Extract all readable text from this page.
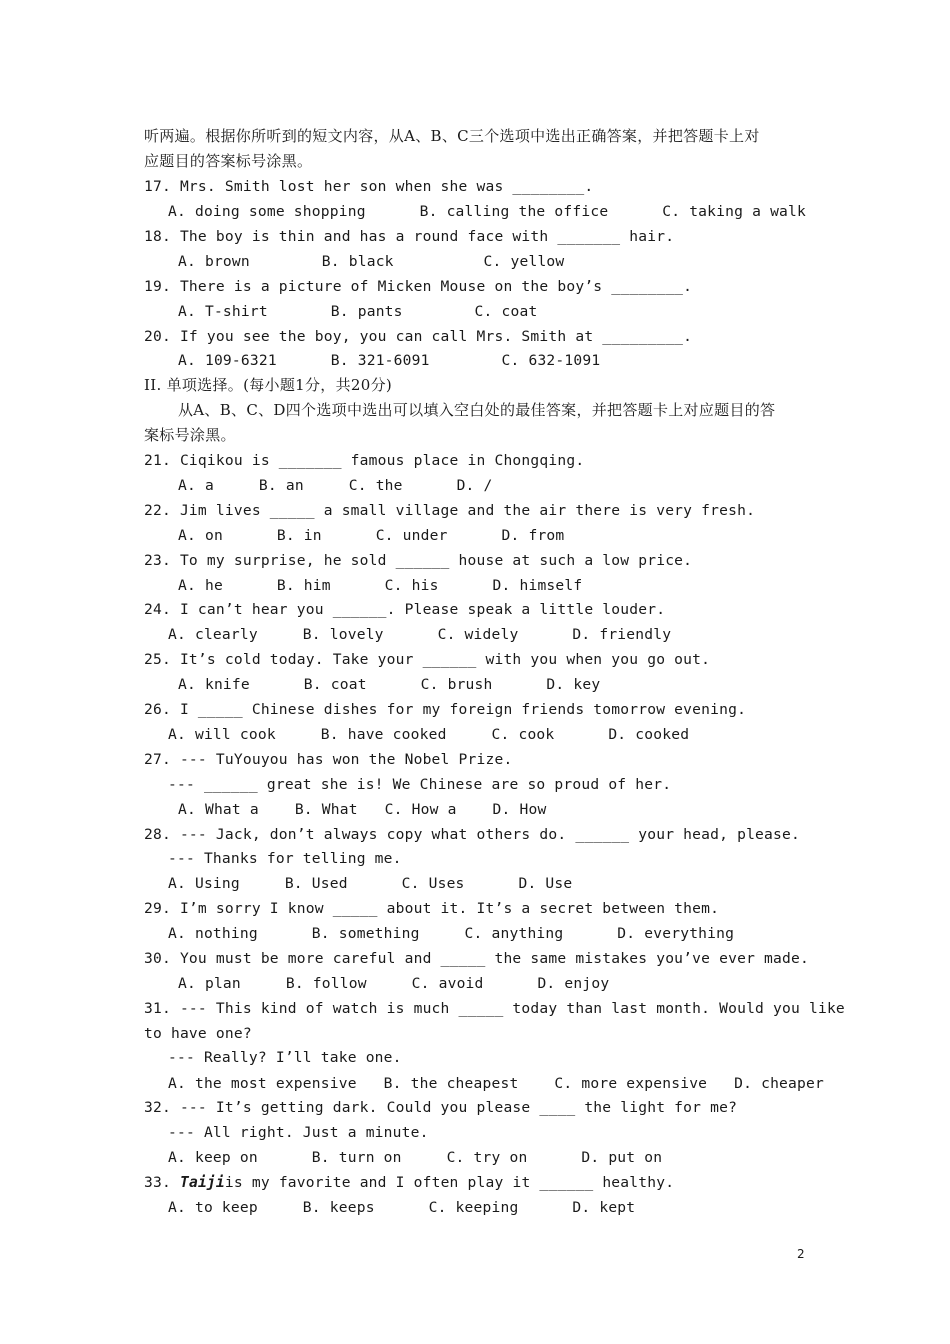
听两遍。根据你所听到的短文内容，从A、B、C三个选项中选出正确答案，并把答题卡上对
应题目的答案标号涂黑。
17. Mrs. Smith lost her son when she was ________.
A. doing some shopping      B. calling the office      C. taking a walk
18. The boy is thin and has a round face with _______ hair.
A. brown        B. black          C. yellow
19. There is a picture of Micken Mouse on the boy’s ________.
A. T-shirt       B. pants        C. coat
20. If you see the boy, you can call Mrs. Smith at _________.
A. 109-6321      B. 321-6091        C. 632-1091
II. 单项选择。(每小题1分，共20分)
从A、B、C、D四个选项中选出可以填入空白处的最佳答案，并把答题卡上对应题目的答
案标号涂黑。
21. Ciqikou is _______ famous place in Chongqing.
A. a     B. an     C. the      D. /
22. Jim lives _____ a small village and the air there is very fresh.
A. on      B. in      C. under      D. from
23. To my surprise, he sold ______ house at such a low price.
A. he      B. him      C. his      D. himself
24. I can’t hear you ______. Please speak a little louder.
A. clearly     B. lovely      C. widely      D. friendly
25. It’s cold today. Take your ______ with you when you go out.
A. knife      B. coat      C. brush      D. key
26. I _____ Chinese dishes for my foreign friends tomorrow evening.
A. will cook     B. have cooked     C. cook      D. cooked
27. --- TuYouyou has won the Nobel Prize.
--- ______ great she is! We Chinese are so proud of her.
A. What a    B. What   C. How a    D. How
28. --- Jack, don’t always copy what others do. ______ your head, please.
--- Thanks for telling me.
A. Using     B. Used      C. Uses      D. Use
29. I’m sorry I know _____ about it. It’s a secret between them.
A. nothing      B. something     C. anything      D. everything
30. You must be more careful and _____ the same mistakes you’ve ever made.
A. plan     B. follow     C. avoid      D. enjoy
31. --- This kind of watch is much _____ today than last month. Would you like
to have one?
--- Really? I’ll take one.
A. the most expensive   B. the cheapest    C. more expensive   D. cheaper
32. --- It’s getting dark. Could you please ____ the light for me?
--- All right. Just a minute.
A. keep on      B. turn on     C. try on      D. put on
33. Taijiis my favorite and I often play it ______ healthy.
A. to keep     B. keeps      C. keeping      D. kept
2
